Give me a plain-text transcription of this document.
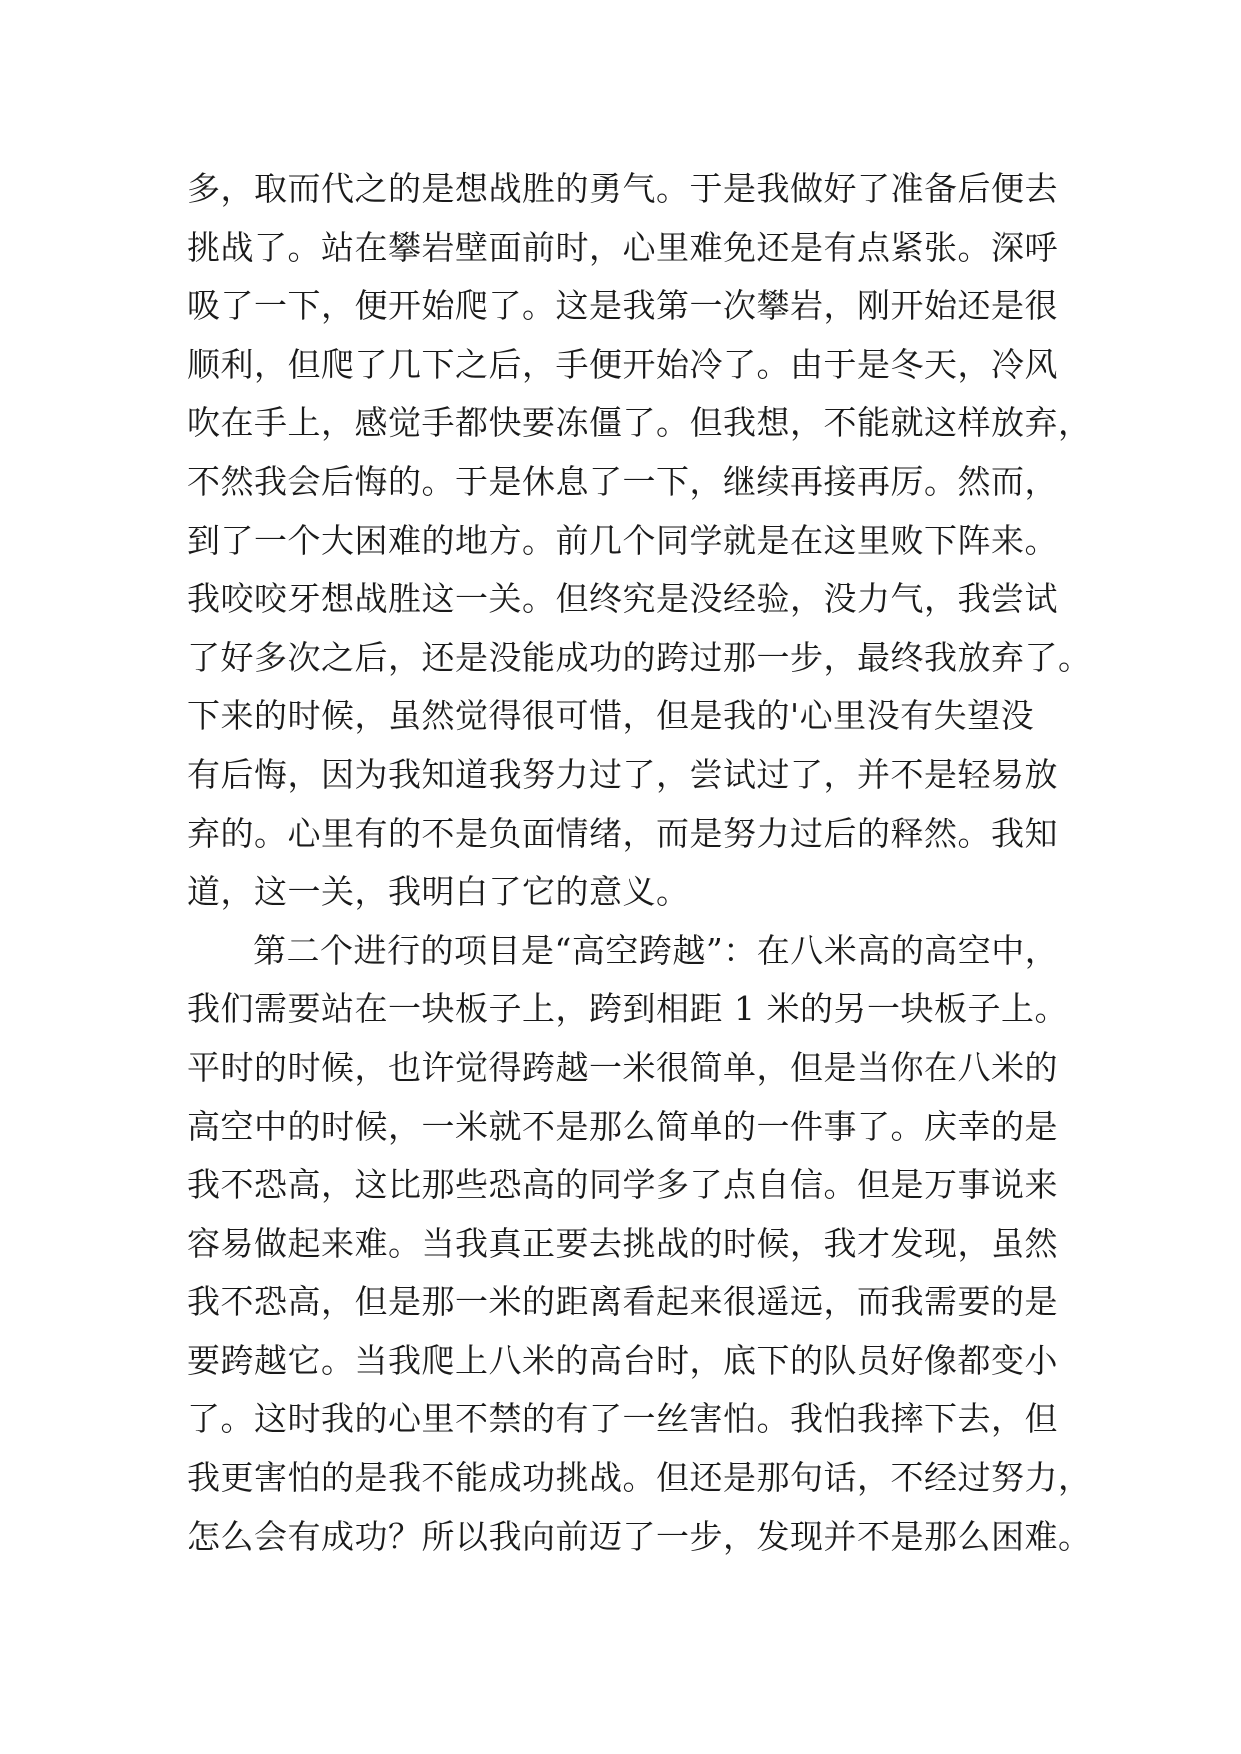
多，取而代之的是想战胜的勇气。于是我做好了准备后便去
挑战了。站在攀岩壁面前时，心里难免还是有点紧张。深呼
吸了一下，便开始爬了。这是我第一次攀岩，刚开始还是很
顺利，但爬了几下之后，手便开始冷了。由于是冬天，冷风
吹在手上，感觉手都快要冻僵了。但我想，不能就这样放弃，
不然我会后悔的。于是休息了一下，继续再接再厉。然而，
到了一个大困难的地方。前几个同学就是在这里败下阵来。
我咬咬牙想战胜这一关。但终究是没经验，没力气，我尝试
了好多次之后，还是没能成功的跨过那一步，最终我放弃了。
下来的时候，虽然觉得很可惜，但是我的'心里没有失望没
有后悔，因为我知道我努力过了，尝试过了，并不是轻易放
弃的。心里有的不是负面情绪，而是努力过后的释然。我知
道，这一关，我明白了它的意义。
第二个进行的项目是“高空跨越”：在八米高的高空中，
我们需要站在一块板子上，跨到相距 1 米的另一块板子上。
平时的时候，也许觉得跨越一米很简单，但是当你在八米的
高空中的时候，一米就不是那么简单的一件事了。庆幸的是
我不恐高，这比那些恐高的同学多了点自信。但是万事说来
容易做起来难。当我真正要去挑战的时候，我才发现，虽然
我不恐高，但是那一米的距离看起来很遥远，而我需要的是
要跨越它。当我爬上八米的高台时，底下的队员好像都变小
了。这时我的心里不禁的有了一丝害怕。我怕我摔下去，但
我更害怕的是我不能成功挑战。但还是那句话，不经过努力，
怎么会有成功？所以我向前迈了一步，发现并不是那么困难。
